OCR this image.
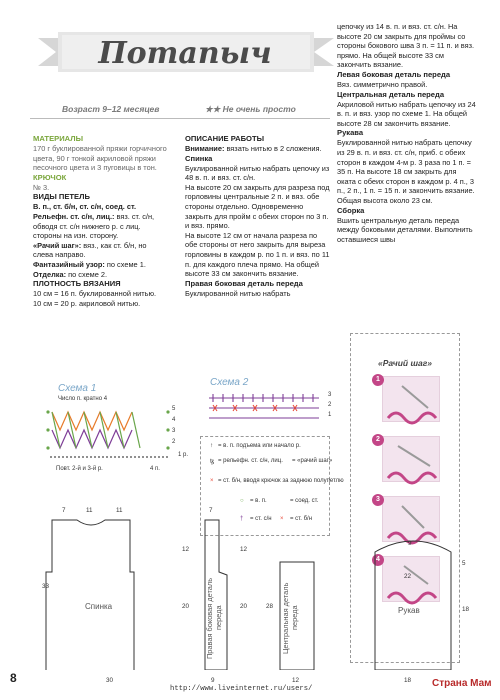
Потапыч
Возраст 9–12 месяцев	★★ Не очень просто

МАТЕРИАЛЫ

170 г буклированной пряжи горчичного цвета, 90 г тонкой акриловой пряжи песочного цвета и 3 пуговицы в тон.

КРЮЧОК

№ 3.

ВИДЫ ПЕТЕЛЬ

В. п., ст. б/н, ст. с/н, соед. ст.

Рельефн. ст. с/н, лиц.: вяз. ст. с/н, обводя ст. с/н нижнего р. с лиц. стороны на изн. сторону.

«Рачий шаг»: вяз., как ст. б/н, но слева направо.

Фантазийный узор: по схеме 1.

Отделка: по схеме 2.

ПЛОТНОСТЬ ВЯЗАНИЯ

10 см = 16 п. буклированной нитью.

10 см = 20 р. акриловой нитью.

ОПИСАНИЕ РАБОТЫ

Внимание: вязать нитью в 2 сложения.

Спинка

Буклированной нитью набрать цепочку из 48 в. п. и вяз. ст. с/н.

На высоте 20 см закрыть для разреза под горловины центральные 2 п. и вяз. обе стороны отдельно. Одновременно закрыть для пройм с обеих сторон по 3 п. и вяз. прямо.

На высоте 12 см от начала разреза по обе стороны от него закрыть для выреза горловины в каждом р. по 1 п. и вяз. по 11 п. для каждого плеча прямо. На общей высоте 33 см закончить вязание.

Правая боковая деталь переда

Буклированной нитью набрать

цепочку из 14 в. п. и вяз. ст. с/н. На высоте 20 см закрыть для проймы со стороны бокового шва 3 п. = 11 п. и вяз. прямо. На общей высоте 33 см закончить вязание.

Левая боковая деталь переда

Вяз. симметрично правой.

Центральная деталь переда

Акриловой нитью набрать цепочку из 24 в. п. и вяз. узор по схеме 1. На общей высоте 28 см закончить вязание.

Рукава

Буклированной нитью набрать цепочку из 29 в. п. и вяз. ст. с/н, приб. с обеих сторон в каждом 4-м р. 3 раза по 1 п. = 35 п. На высоте 18 см закрыть для оката с обеих сторон в каждом р. 4 п., 3 п., 2 п., 1 п. = 15 п. и закончить вязание. Общая высота около 23 см.

Сборка

Вшить центральную деталь переда между боковыми деталями. Выполнить оставшиеся швы

«Рачий шаг»
1
2
3
4
Схема 1
Число п. кратно 4
5
4
3
2
1 р.
Повт. 2-й и 3-й р.	4 п.
Схема 2
3
2
1
↑ = в. п. подъема или начало р.
ꜩ = рельефн. ст. с/н, лиц. = «рачий шаг»
× = ст. б/н, вводя крючок за заднюю полупетлю
○ = в. п.	= соед. ст.
† = ст. с/н × = ст. б/н
Спинка	Правая боковая деталь переда	Центральная деталь переда	Рукав
7	11	11
33
12
20
30
7
12
20
9
28
12
9
22
5
18
18
8
http://www.liveinternet.ru/users/	Страна Мам
